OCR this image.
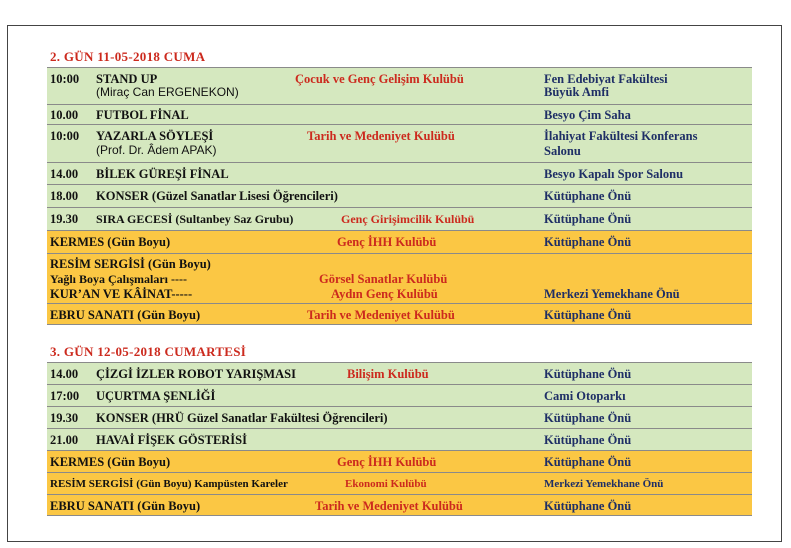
2. GÜN 11-05-2018 CUMA
10:00 STAND UP
(Miraç Can ERGENEKON)
Çocuk ve Genç Gelişim Kulübü	Fen Edebiyat Fakültesi
Büyük Amfi
10.00 FUTBOL FİNAL	Besyo Çim Saha
10:00 YAZARLA SÖYLEŞİ
(Prof. Dr. Âdem APAK)
Tarih ve Medeniyet Kulübü	İlahiyat Fakültesi Konferans
Salonu
14.00 BİLEK GÜREŞİ FİNAL	Besyo Kapalı Spor Salonu
18.00 KONSER (Güzel Sanatlar Lisesi Öğrencileri)	Kütüphane Önü
19.30 SIRA GECESİ (Sultanbey Saz Grubu)	Genç Girişimcilik Kulübü	Kütüphane Önü
KERMES (Gün Boyu)	Genç İHH Kulübü	Kütüphane Önü
RESİM SERGİSİ (Gün Boyu)
Yağlı Boya Çalışmaları ----	Görsel Sanatlar Kulübü
KUR’AN VE KÂİNAT-----	Aydın Genç Kulübü	Merkezi Yemekhane Önü
EBRU SANATI (Gün Boyu)	Tarih ve Medeniyet Kulübü	Kütüphane Önü
3. GÜN 12-05-2018 CUMARTESİ
14.00 ÇİZGİ İZLER ROBOT YARIŞMASI	Bilişim Kulübü	Kütüphane Önü
17:00 UÇURTMA ŞENLİĞİ	Cami Otoparkı
19.30 KONSER (HRÜ Güzel Sanatlar Fakültesi Öğrencileri)	Kütüphane Önü
21.00 HAVAİ FİŞEK GÖSTERİSİ	Kütüphane Önü
KERMES (Gün Boyu)	Genç İHH Kulübü	Kütüphane Önü
RESİM SERGİSİ (Gün Boyu) Kampüsten Kareler	Ekonomi Kulübü	Merkezi Yemekhane Önü
EBRU SANATI (Gün Boyu)	Tarih ve Medeniyet Kulübü	Kütüphane Önü
